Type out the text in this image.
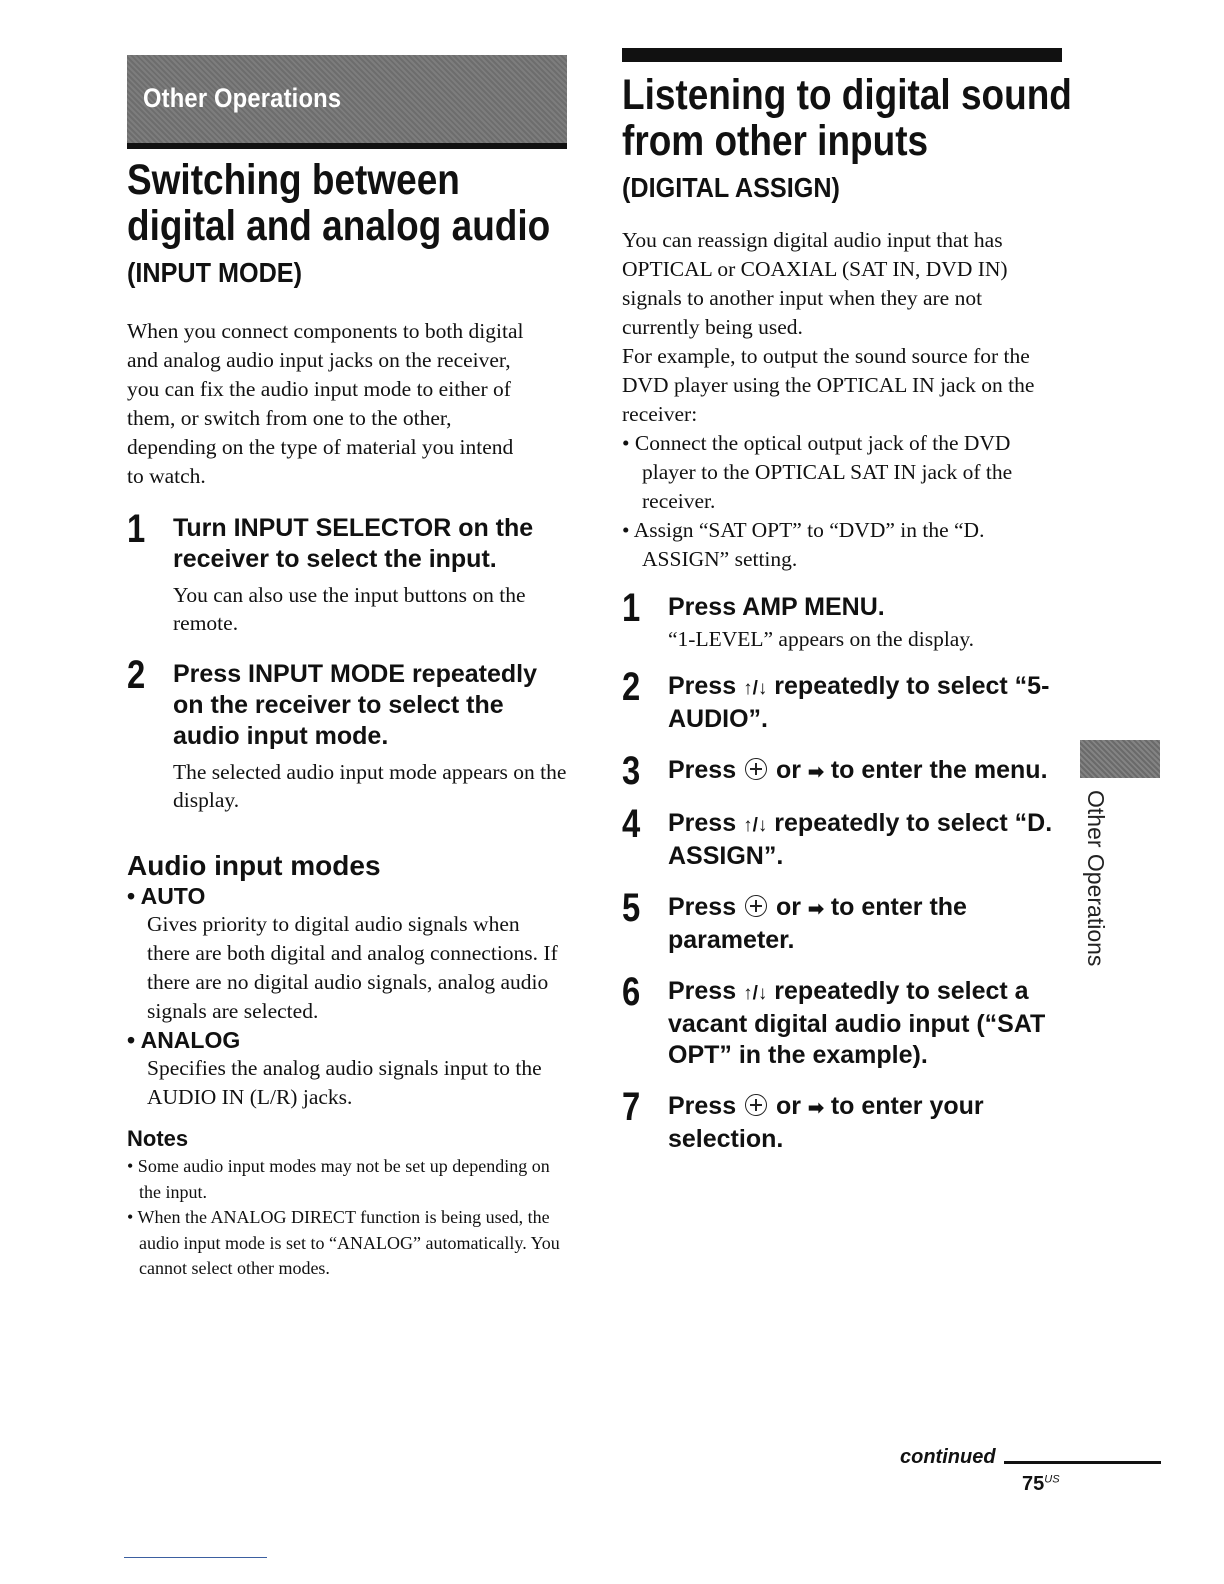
Other Operations
Switching between
digital and analog audio
(INPUT MODE)

When you connect components to both digital

and analog audio input jacks on the receiver,

you can fix the audio input mode to either of

them, or switch from one to the other,

depending on the type of material you intend

to watch.

1 Turn INPUT SELECTOR on the receiver to select the input.

You can also use the input buttons on the remote.

2 Press INPUT MODE repeatedly on the receiver to select the audio input mode.

The selected audio input mode appears on the display.

Audio input modes

• AUTO

Gives priority to digital audio signals when there are both digital and analog connections. If there are no digital audio signals, analog audio signals are selected.

• ANALOG

Specifies the analog audio signals input to the AUDIO IN (L/R) jacks.

Notes

• Some audio input modes may not be set up depending on the input.

• When the ANALOG DIRECT function is being used, the audio input mode is set to “ANALOG” automatically. You cannot select other modes.

Listening to digital sound
from other inputs
(DIGITAL ASSIGN)

You can reassign digital audio input that has OPTICAL or COAXIAL (SAT IN, DVD IN) signals to another input when they are not currently being used.

For example, to output the sound source for the DVD player using the OPTICAL IN jack on the receiver:

• Connect the optical output jack of the DVD player to the OPTICAL SAT IN jack of the receiver.

• Assign “SAT OPT” to “DVD” in the “D. ASSIGN” setting.

1 Press AMP MENU.

“1-LEVEL” appears on the display.

2 Press ↑/↓ repeatedly to select “5-AUDIO”.

3 Press  or ➡ to enter the menu.

4 Press ↑/↓ repeatedly to select “D. ASSIGN”.

5 Press  or ➡ to enter the parameter.

6 Press ↑/↓ repeatedly to select a vacant digital audio input (“SAT OPT” in the example).

7 Press  or ➡ to enter your selection.

Other Operations
continued
$75^{US}$
